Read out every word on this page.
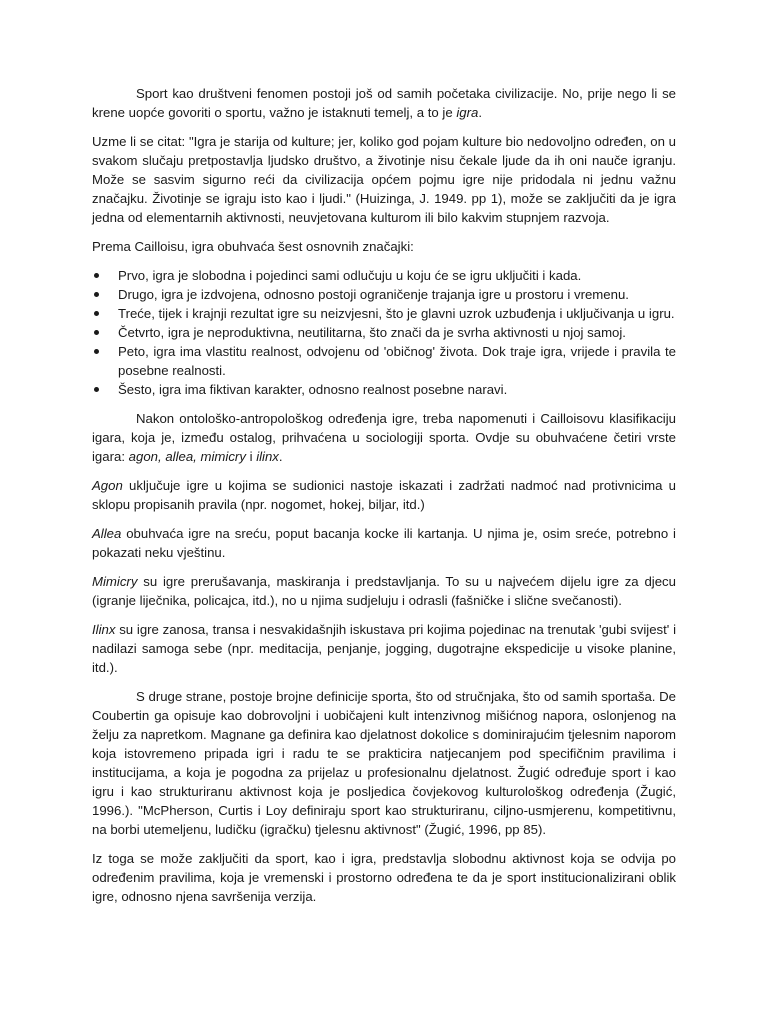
Sport kao društveni fenomen postoji još od samih početaka civilizacije. No, prije nego li se krene uopće govoriti o sportu, važno je istaknuti temelj, a to je igra.

Uzme li se citat: "Igra je starija od kulture; jer, koliko god pojam kulture bio nedovoljno određen, on u svakom slučaju pretpostavlja ljudsko društvo, a životinje nisu čekale ljude da ih oni nauče igranju. Može se sasvim sigurno reći da civilizacija općem pojmu igre nije pridodala ni jednu važnu značajku. Životinje se igraju isto kao i ljudi." (Huizinga, J. 1949. pp 1), može se zaključiti da je igra jedna od elementarnih aktivnosti, neuvjetovana kulturom ili bilo kakvim stupnjem razvoja.

Prema Cailloisu, igra obuhvaća šest osnovnih značajki:

Prvo, igra je slobodna i pojedinci sami odlučuju u koju će se igru uključiti i kada.
Drugo, igra je izdvojena, odnosno postoji ograničenje trajanja igre u prostoru i vremenu.
Treće, tijek i krajnji rezultat igre su neizvjesni, što je glavni uzrok uzbuđenja i uključivanja u igru.
Četvrto, igra je neproduktivna, neutilitarna, što znači da je svrha aktivnosti u njoj samoj.
Peto, igra ima vlastitu realnost, odvojenu od 'običnog' života. Dok traje igra, vrijede i pravila te posebne realnosti.
Šesto, igra ima fiktivan karakter, odnosno realnost posebne naravi.

Nakon ontološko-antropološkog određenja igre, treba napomenuti i Cailloisovu klasifikaciju igara, koja je, između ostalog, prihvaćena u sociologiji sporta. Ovdje su obuhvaćene četiri vrste igara: agon, allea, mimicry i ilinx.

Agon uključuje igre u kojima se sudionici nastoje iskazati i zadržati nadmoć nad protivnicima u sklopu propisanih pravila (npr. nogomet, hokej, biljar, itd.)

Allea obuhvaća igre na sreću, poput bacanja kocke ili kartanja. U njima je, osim sreće, potrebno i pokazati neku vještinu.

Mimicry su igre prerušavanja, maskiranja i predstavljanja. To su u najvećem dijelu igre za djecu (igranje liječnika, policajca, itd.), no u njima sudjeluju i odrasli (fašničke i slične svečanosti).

Ilinx su igre zanosa, transa i nesvakidašnjih iskustava pri kojima pojedinac na trenutak 'gubi svijest' i nadilazi samoga sebe (npr. meditacija, penjanje, jogging, dugotrajne ekspedicije u visoke planine, itd.).

S druge strane, postoje brojne definicije sporta, što od stručnjaka, što od samih sportaša. De Coubertin ga opisuje kao dobrovoljni i uobičajeni kult intenzivnog mišićnog napora, oslonjenog na želju za napretkom. Magnane ga definira kao djelatnost dokolice s dominirajućim tjelesnim naporom koja istovremeno pripada igri i radu te se prakticira natjecanjem pod specifičnim pravilima i institucijama, a koja je pogodna za prijelaz u profesionalnu djelatnost. Žugić određuje sport i kao igru i kao strukturiranu aktivnost koja je posljedica čovjekovog kulturološkog određenja (Žugić, 1996.). "McPherson, Curtis i Loy definiraju sport kao strukturiranu, ciljno-usmjerenu, kompetitivnu, na borbi utemeljenu, ludičku (igračku) tjelesnu aktivnost" (Žugić, 1996, pp 85).

Iz toga se može zaključiti da sport, kao i igra, predstavlja slobodnu aktivnost koja se odvija po određenim pravilima, koja je vremenski i prostorno određena te da je sport institucionalizirani oblik igre, odnosno njena savršenija verzija.
